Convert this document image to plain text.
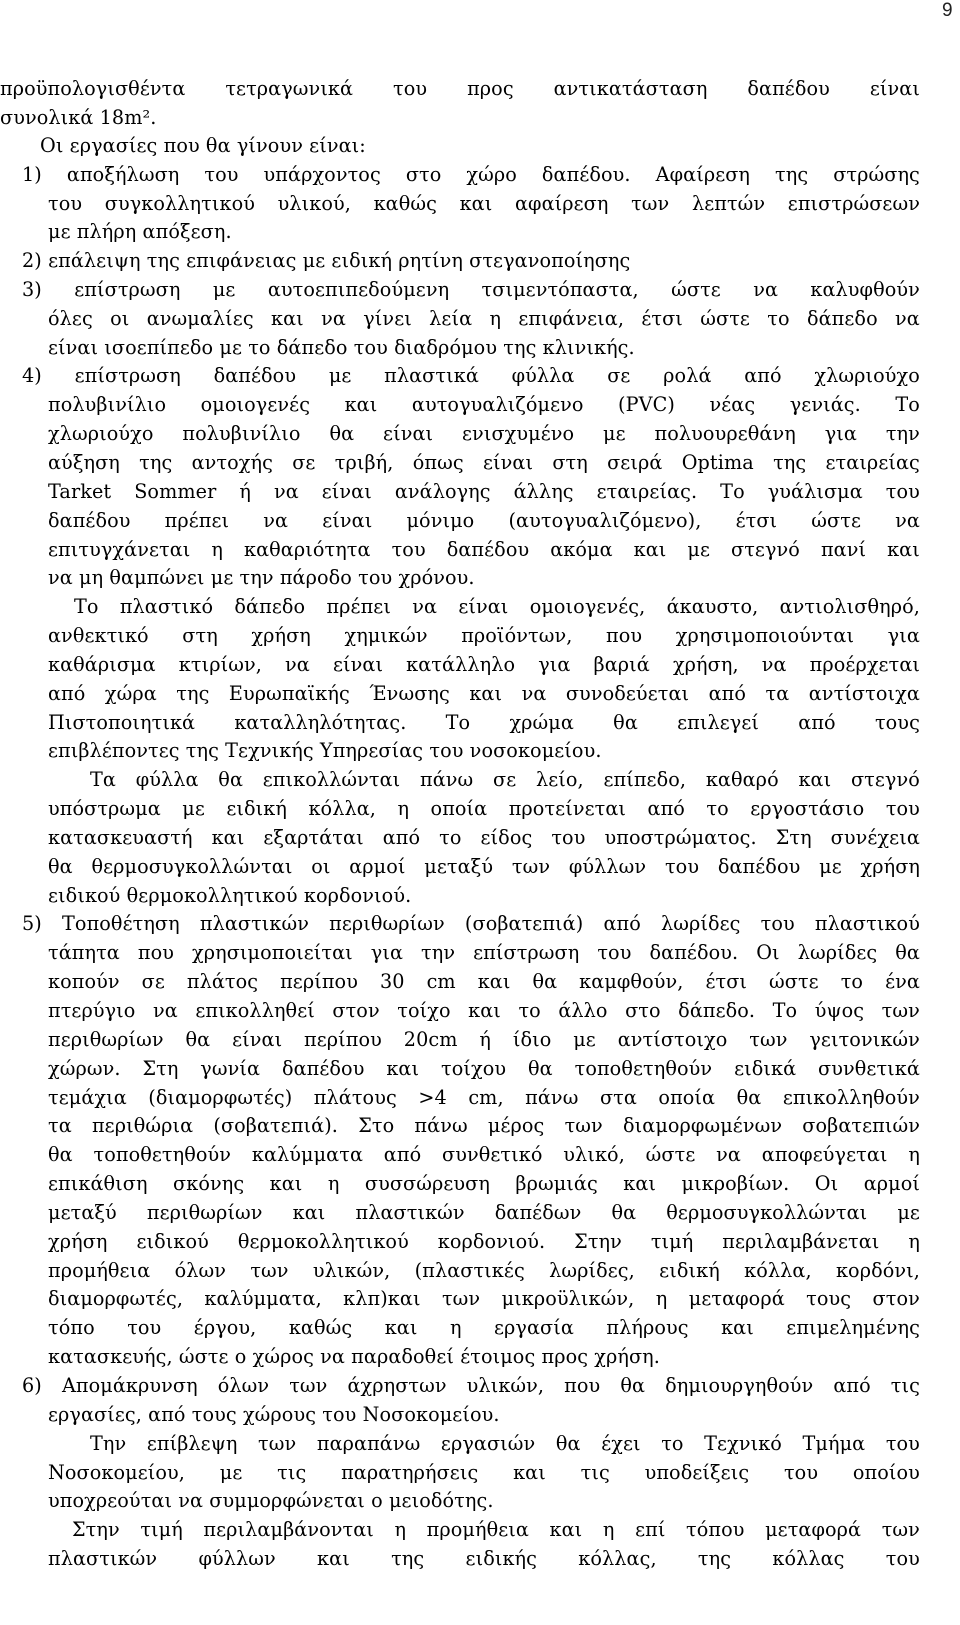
9
προϋπολογισθέντα τετραγωνικά του προς αντικατάσταση δαπέδου είναι
συνολικά 18m².
Οι εργασίες που θα γίνουν είναι:
1) αποξήλωση του υπάρχοντος στο χώρο δαπέδου. Αφαίρεση της στρώσης
του συγκολλητικού υλικού, καθώς και αφαίρεση των λεπτών επιστρώσεων
με πλήρη απόξεση.
2) επάλειψη της επιφάνειας με ειδική ρητίνη στεγανοποίησης
3) επίστρωση με αυτοεπιπεδούμενη τσιμεντόπαστα, ώστε να καλυφθούν
όλες οι ανωμαλίες και να γίνει λεία η επιφάνεια, έτσι ώστε το δάπεδο να
είναι ισοεπίπεδο με το δάπεδο του διαδρόμου της κλινικής.
4) επίστρωση δαπέδου με πλαστικά φύλλα σε ρολά από χλωριούχο
πολυβινίλιο ομοιογενές και αυτογυαλιζόμενο (PVC) νέας γενιάς. Το
χλωριούχο πολυβινίλιο θα είναι ενισχυμένο με πολυουρεθάνη για την
αύξηση της αντοχής σε τριβή, όπως είναι στη σειρά Optima της εταιρείας
Tarket Sommer ή να είναι ανάλογης άλλης εταιρείας. Το γυάλισμα του
δαπέδου πρέπει να είναι μόνιμο (αυτογυαλιζόμενο), έτσι ώστε να
επιτυγχάνεται η καθαριότητα του δαπέδου ακόμα και με στεγνό πανί και
να μη θαμπώνει με την πάροδο του χρόνου.
Το πλαστικό δάπεδο πρέπει να είναι ομοιογενές, άκαυστο, αντιολισθηρό,
ανθεκτικό στη χρήση χημικών προϊόντων, που χρησιμοποιούνται για
καθάρισμα κτιρίων, να είναι κατάλληλο για βαριά χρήση, να προέρχεται
από χώρα της Ευρωπαϊκής Ένωσης και να συνοδεύεται από τα αντίστοιχα
Πιστοποιητικά καταλληλότητας. Το χρώμα θα επιλεγεί από τους
επιβλέποντες της Τεχνικής Υπηρεσίας του νοσοκομείου.
Τα φύλλα θα επικολλώνται πάνω σε λείο, επίπεδο, καθαρό και στεγνό
υπόστρωμα με ειδική κόλλα, η οποία προτείνεται από το εργοστάσιο του
κατασκευαστή και εξαρτάται από το είδος του υποστρώματος. Στη συνέχεια
θα θερμοσυγκολλώνται οι αρμοί μεταξύ των φύλλων του δαπέδου με χρήση
ειδικού θερμοκολλητικού κορδονιού.
5) Τοποθέτηση πλαστικών περιθωρίων (σοβατεπιά) από λωρίδες του πλαστικού
τάπητα που χρησιμοποιείται για την επίστρωση του δαπέδου. Οι λωρίδες θα
κοπούν σε πλάτος περίπου 30 cm και θα καμφθούν, έτσι ώστε το ένα
πτερύγιο να επικολληθεί στον τοίχο και το άλλο στο δάπεδο. Το ύψος των
περιθωρίων θα είναι περίπου 20cm ή ίδιο με αντίστοιχο των γειτονικών
χώρων. Στη γωνία δαπέδου και τοίχου θα τοποθετηθούν ειδικά συνθετικά
τεμάχια (διαμορφωτές) πλάτους >4 cm, πάνω στα οποία θα επικολληθούν
τα περιθώρια (σοβατεπιά). Στο πάνω μέρος των διαμορφωμένων σοβατεπιών
θα τοποθετηθούν καλύμματα από συνθετικό υλικό, ώστε να αποφεύγεται η
επικάθιση σκόνης και η συσσώρευση βρωμιάς και μικροβίων. Οι αρμοί
μεταξύ περιθωρίων και πλαστικών δαπέδων θα θερμοσυγκολλώνται με
χρήση ειδικού θερμοκολλητικού κορδονιού. Στην τιμή περιλαμβάνεται η
προμήθεια όλων των υλικών, (πλαστικές λωρίδες, ειδική κόλλα, κορδόνι,
διαμορφωτές, καλύμματα, κλπ)και των μικροϋλικών, η μεταφορά τους στον
τόπο του έργου, καθώς και η εργασία πλήρους και επιμελημένης
κατασκευής, ώστε ο χώρος να παραδοθεί έτοιμος προς χρήση.
6) Απομάκρυνση όλων των άχρηστων υλικών, που θα δημιουργηθούν από τις
εργασίες, από τους χώρους του Νοσοκομείου.
Την επίβλεψη των παραπάνω εργασιών θα έχει το Τεχνικό Τμήμα του
Νοσοκομείου, με τις παρατηρήσεις και τις υποδείξεις του οποίου
υποχρεούται να συμμορφώνεται ο μειοδότης.
Στην τιμή περιλαμβάνονται η προμήθεια και η επί τόπου μεταφορά των
πλαστικών φύλλων και της ειδικής κόλλας, της κόλλας του
